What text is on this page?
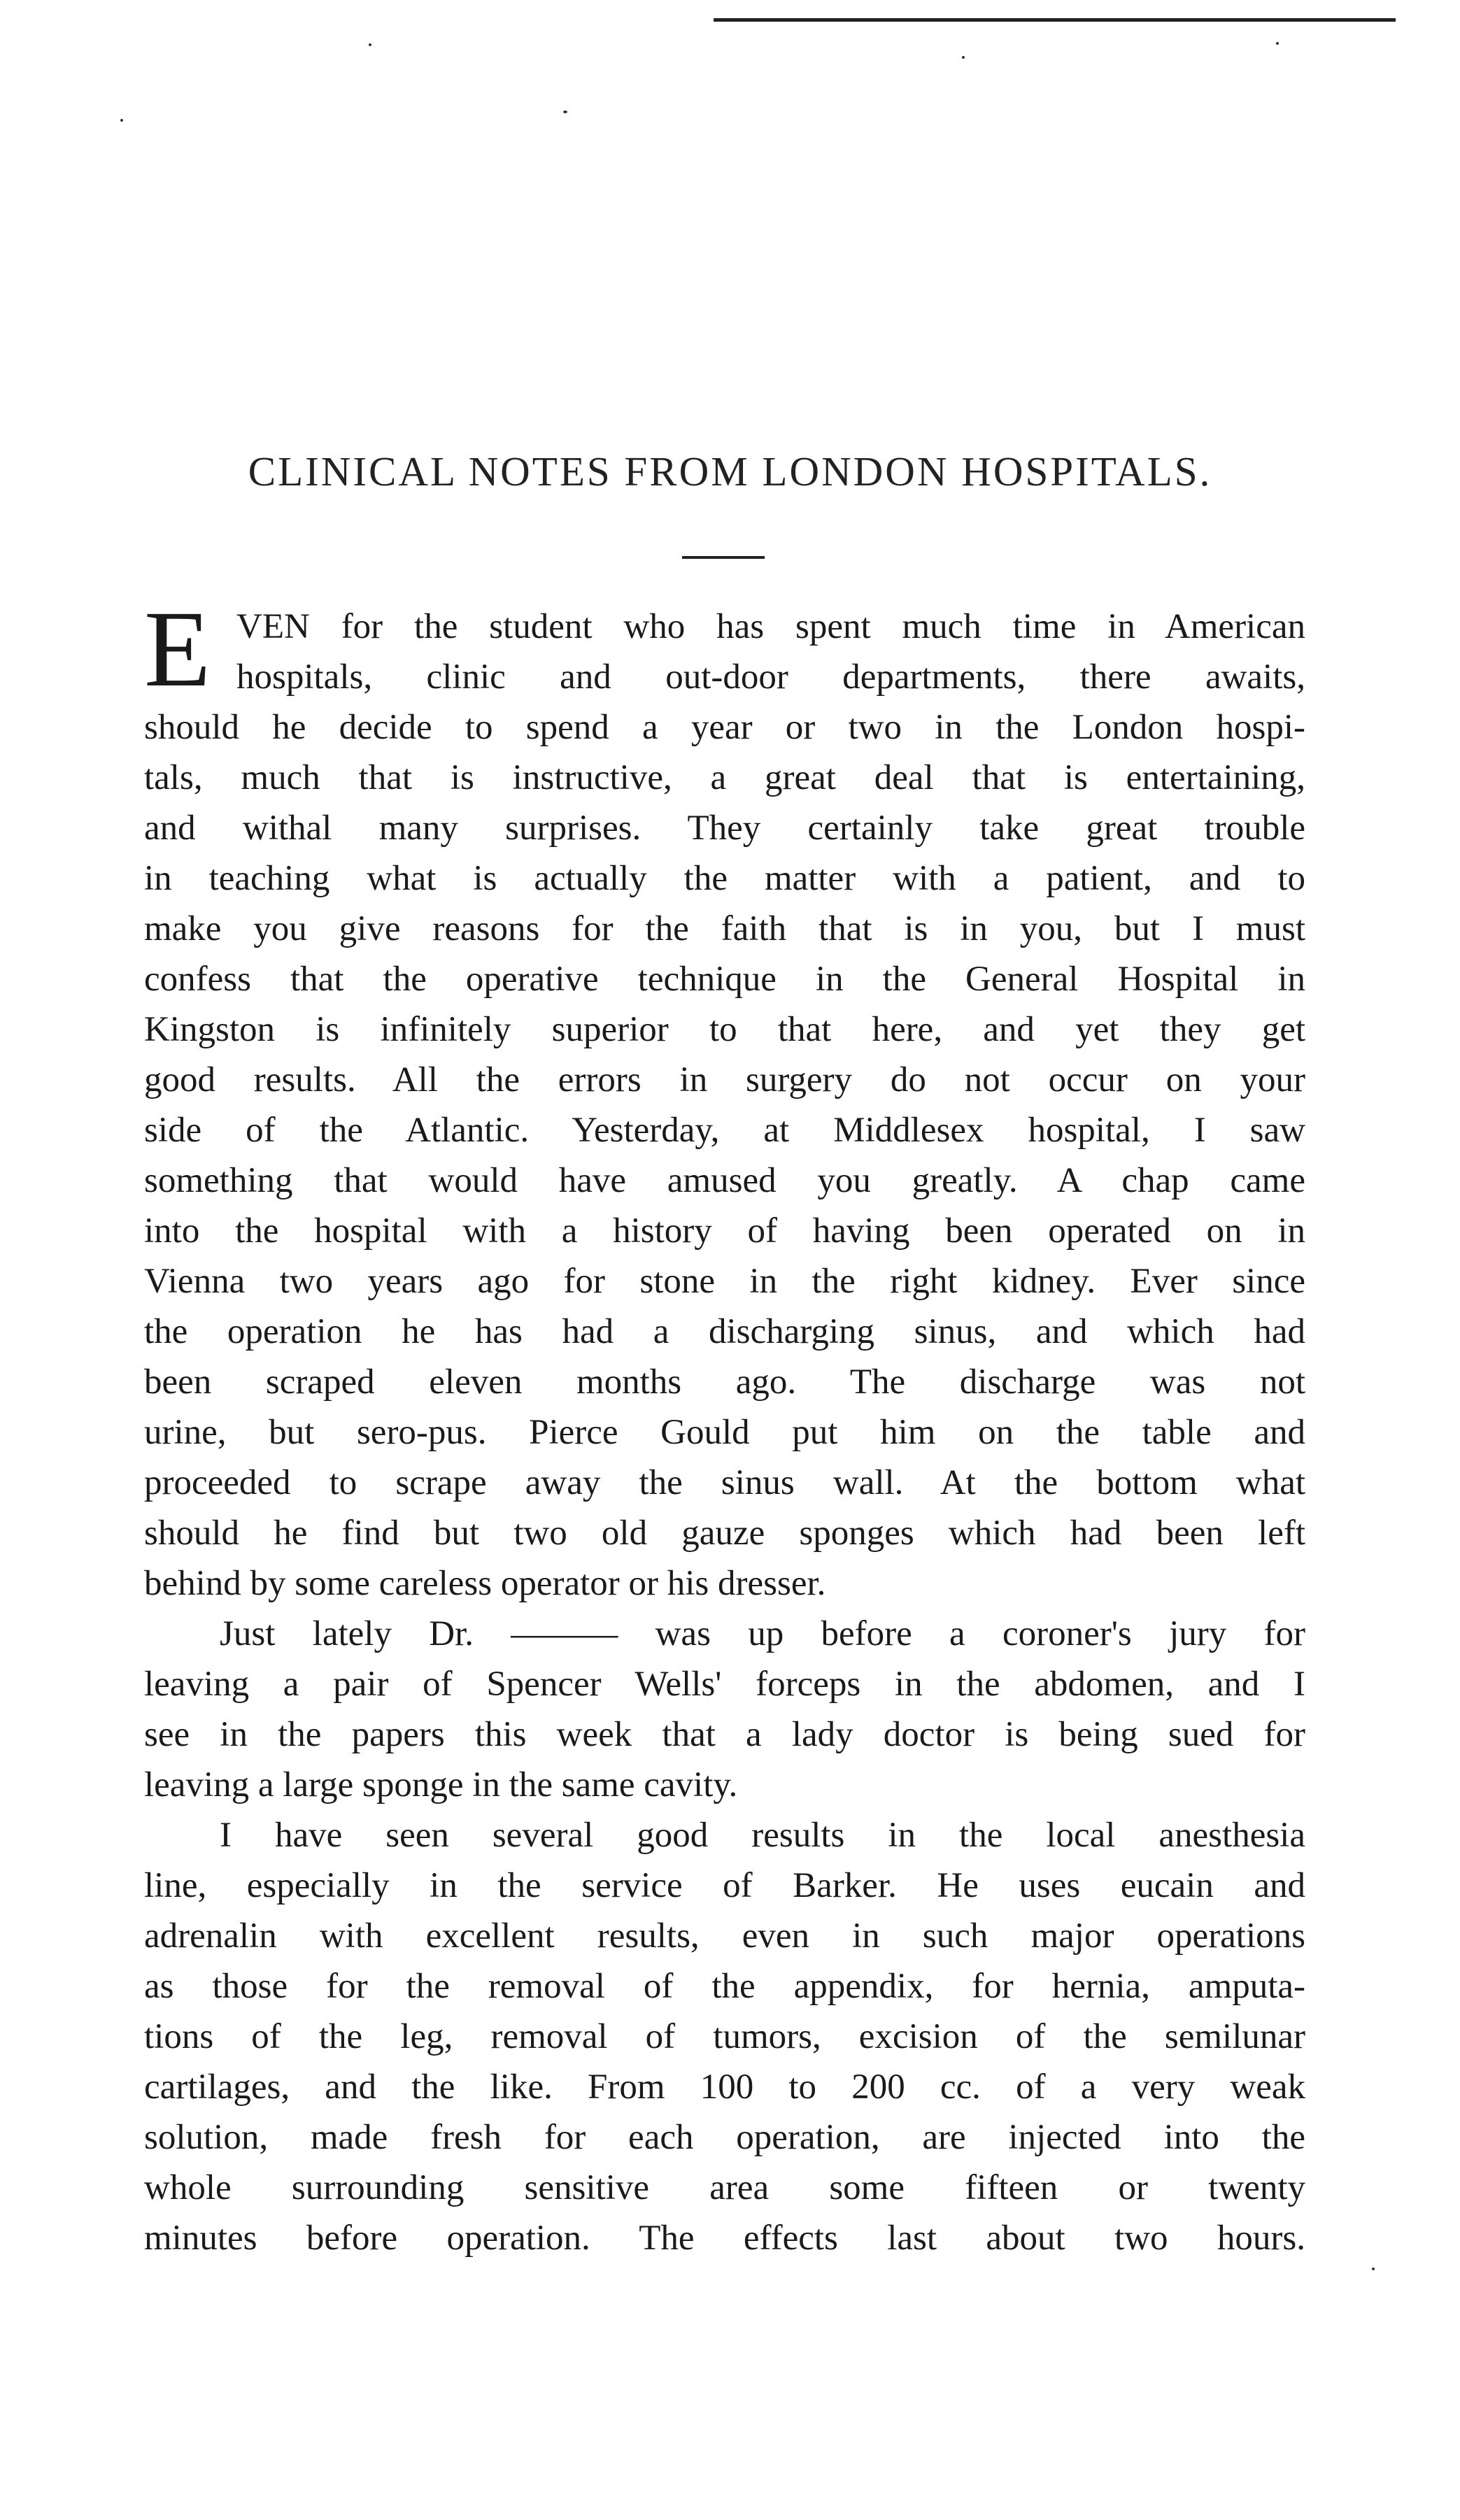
CLINICAL NOTES FROM LONDON HOSPITALS.
E VEN for the student who has spent much time in American
hospitals, clinic and out-door departments, there awaits,
should he decide to spend a year or two in the London hospi-
tals, much that is instructive, a great deal that is entertaining,
and withal many surprises. They certainly take great trouble
in teaching what is actually the matter with a patient, and to
make you give reasons for the faith that is in you, but I must
confess that the operative technique in the General Hospital in
Kingston is infinitely superior to that here, and yet they get
good results. All the errors in surgery do not occur on your
side of the Atlantic. Yesterday, at Middlesex hospital, I saw
something that would have amused you greatly. A chap came
into the hospital with a history of having been operated on in
Vienna two years ago for stone in the right kidney. Ever since
the operation he has had a discharging sinus, and which had
been scraped eleven months ago. The discharge was not
urine, but sero-pus. Pierce Gould put him on the table and
proceeded to scrape away the sinus wall. At the bottom what
should he find but two old gauze sponges which had been left
behind by some careless operator or his dresser.
Just lately Dr. ——— was up before a coroner's jury for
leaving a pair of Spencer Wells' forceps in the abdomen, and I
see in the papers this week that a lady doctor is being sued for
leaving a large sponge in the same cavity.
I have seen several good results in the local anesthesia
line, especially in the service of Barker. He uses eucain and
adrenalin with excellent results, even in such major operations
as those for the removal of the appendix, for hernia, amputa-
tions of the leg, removal of tumors, excision of the semilunar
cartilages, and the like. From 100 to 200 cc. of a very weak
solution, made fresh for each operation, are injected into the
whole surrounding sensitive area some fifteen or twenty
minutes before operation. The effects last about two hours.
